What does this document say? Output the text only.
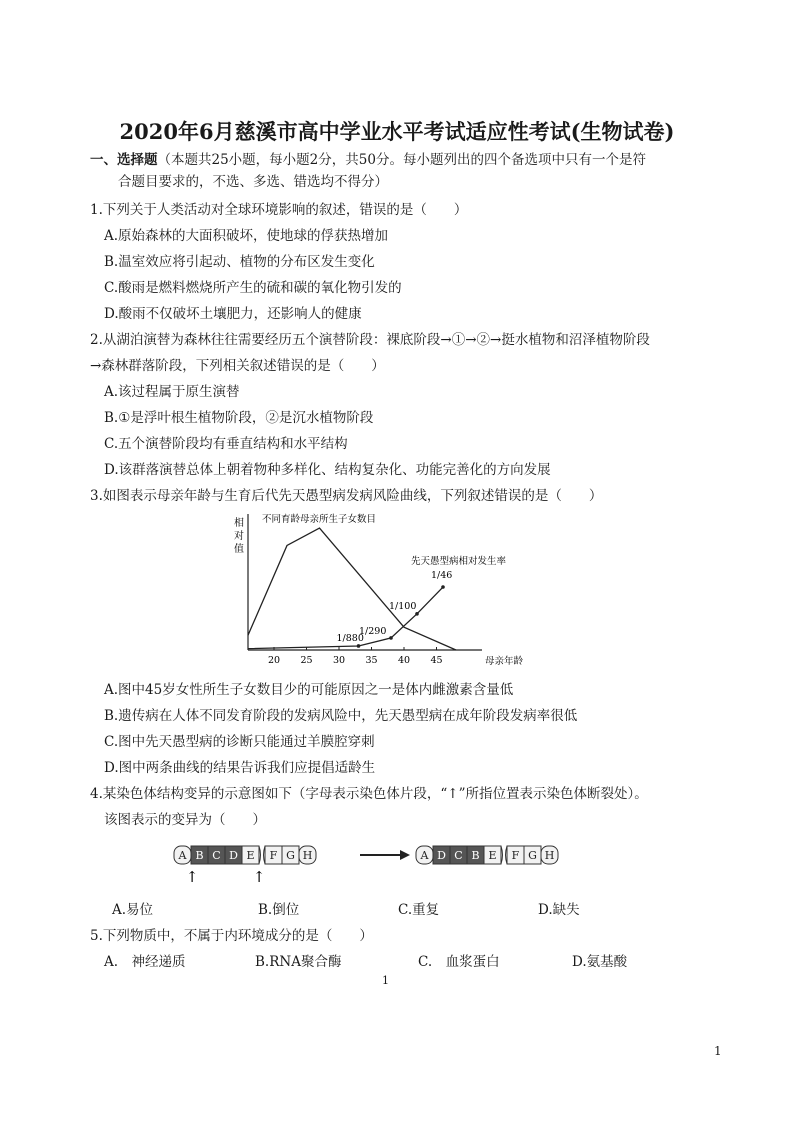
2020年6月慈溪市高中学业水平考试适应性考试(生物试卷)
一、选择题（本题共25小题，每小题2分，共50分。每小题列出的四个备选项中只有一个是符
合题目要求的，不选、多选、错选均不得分）
1.下列关于人类活动对全球环境影响的叙述，错误的是（　　）
A.原始森林的大面积破坏，使地球的俘获热增加
B.温室效应将引起动、植物的分布区发生变化
C.酸雨是燃料燃烧所产生的硫和碳的氧化物引发的
D.酸雨不仅破坏土壤肥力，还影响人的健康
2.从湖泊演替为森林往往需要经历五个演替阶段：裸底阶段→①→②→挺水植物和沼泽植物阶段
→森林群落阶段，下列相关叙述错误的是（　　）
A.该过程属于原生演替
B.①是浮叶根生植物阶段，②是沉水植物阶段
C.五个演替阶段均有垂直结构和水平结构
D.该群落演替总体上朝着物种多样化、结构复杂化、功能完善化的方向发展
3.如图表示母亲年龄与生育后代先天愚型病发病风险曲线，下列叙述错误的是（　　）
相
对
值
20 25 30 35 40 45
不同育龄母亲所生子女数目
先天愚型病相对发生率
1/880
1/290
1/100
1/46
母亲年龄
A.图中45岁女性所生子女数目少的可能原因之一是体内雌激素含量低
B.遗传病在人体不同发育阶段的发病风险中，先天愚型病在成年阶段发病率很低
C.图中先天愚型病的诊断只能通过羊膜腔穿刺
D.图中两条曲线的结果告诉我们应提倡适龄生
4.某染色体结构变异的示意图如下（字母表示染色体片段，“↑”所指位置表示染色体断裂处）。
该图表示的变异为（　　）
A B C D E F G H	A D C B E F G H
↑	↑
A.易位	B.倒位	C.重复	D.缺失
5.下列物质中，不属于内环境成分的是（　　）
A.　神经递质	B.RNA聚合酶	C.　血浆蛋白	D.氨基酸
1
1
